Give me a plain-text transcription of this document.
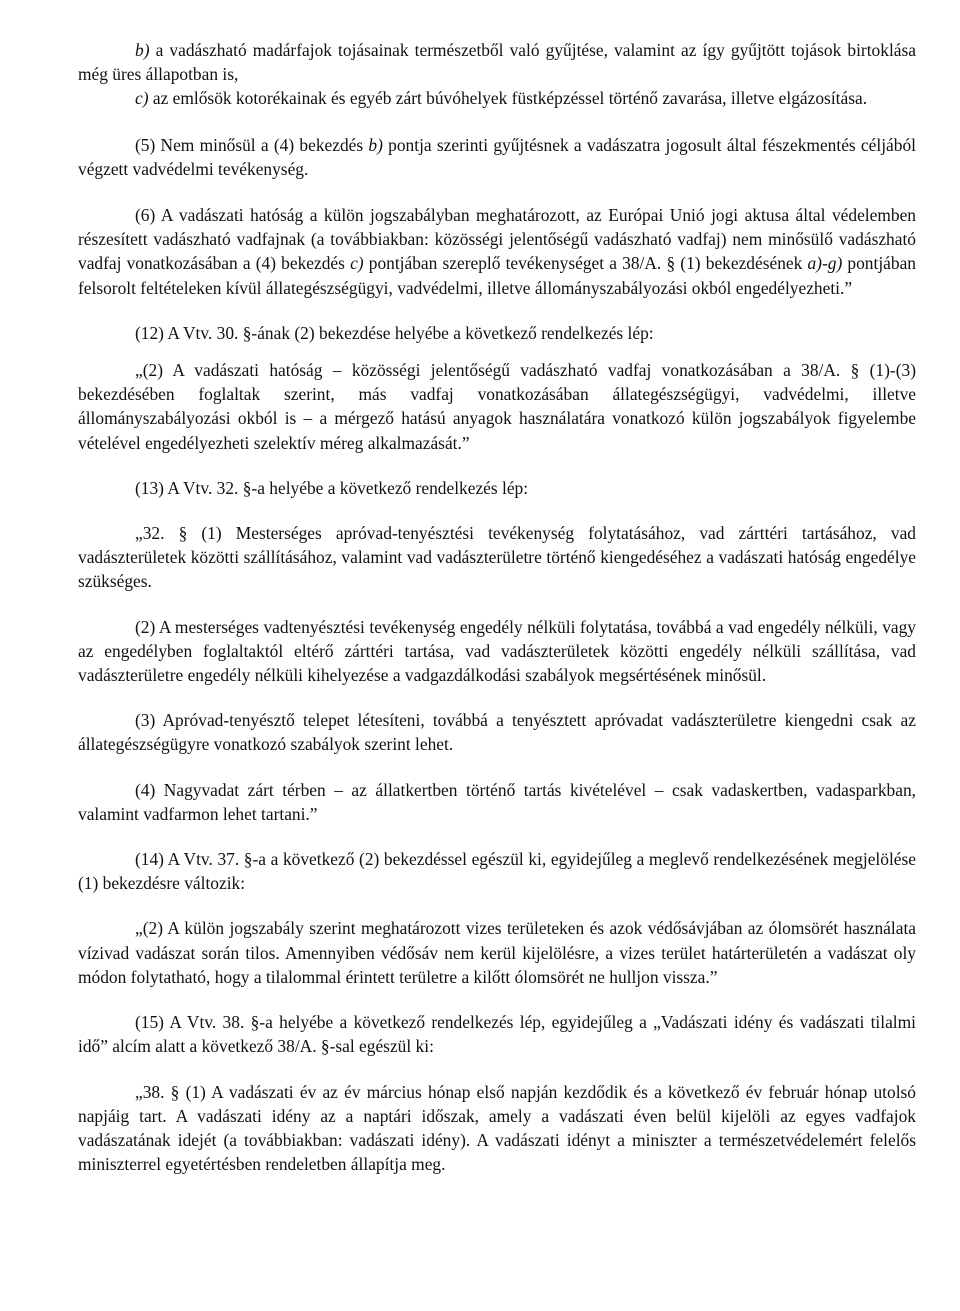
b) a vadászható madárfajok tojásainak természetből való gyűjtése, valamint az így gyűjtött tojások birtoklása még üres állapotban is,

c) az emlősök kotorékainak és egyéb zárt búvóhelyek füstképzéssel történő zavarása, illetve elgázosítása.

(5) Nem minősül a (4) bekezdés b) pontja szerinti gyűjtésnek a vadászatra jogosult által fészekmentés céljából végzett vadvédelmi tevékenység.

(6) A vadászati hatóság a külön jogszabályban meghatározott, az Európai Unió jogi aktusa által védelemben részesített vadászható vadfajnak (a továbbiakban: közösségi jelentőségű vadászható vadfaj) nem minősülő vadászható vadfaj vonatkozásában a (4) bekezdés c) pontjában szereplő tevékenységet a 38/A. § (1) bekezdésének a)-g) pontjában felsorolt feltételeken kívül állategészségügyi, vadvédelmi, illetve állományszabályozási okból engedélyezheti.”

(12) A Vtv. 30. §-ának (2) bekezdése helyébe a következő rendelkezés lép:

„(2) A vadászati hatóság – közösségi jelentőségű vadászható vadfaj vonatkozásában a 38/A. § (1)-(3) bekezdésében foglaltak szerint, más vadfaj vonatkozásában állategészségügyi, vadvédelmi, illetve állományszabályozási okból is – a mérgező hatású anyagok használatára vonatkozó külön jogszabályok figyelembe vételével engedélyezheti szelektív méreg alkalmazását.”

(13) A Vtv. 32. §-a helyébe a következő rendelkezés lép:

„32. § (1) Mesterséges apróvad-tenyésztési tevékenység folytatásához, vad zárttéri tartásához, vad vadászterületek közötti szállításához, valamint vad vadászterületre történő kiengedéséhez a vadászati hatóság engedélye szükséges.

(2) A mesterséges vadtenyésztési tevékenység engedély nélküli folytatása, továbbá a vad engedély nélküli, vagy az engedélyben foglaltaktól eltérő zárttéri tartása, vad vadászterületek közötti engedély nélküli szállítása, vad vadászterületre engedély nélküli kihelyezése a vadgazdálkodási szabályok megsértésének minősül.

(3) Apróvad-tenyésztő telepet létesíteni, továbbá a tenyésztett apróvadat vadászterületre kiengedni csak az állategészségügyre vonatkozó szabályok szerint lehet.

(4) Nagyvadat zárt térben – az állatkertben történő tartás kivételével – csak vadaskertben, vadasparkban, valamint vadfarmon lehet tartani.”

(14) A Vtv. 37. §-a a következő (2) bekezdéssel egészül ki, egyidejűleg a meglevő rendelkezésének megjelölése (1) bekezdésre változik:

„(2) A külön jogszabály szerint meghatározott vizes területeken és azok védősávjában az ólomsörét használata vízivad vadászat során tilos. Amennyiben védősáv nem kerül kijelölésre, a vizes terület határterületén a vadászat oly módon folytatható, hogy a tilalommal érintett területre a kilőtt ólomsörét ne hulljon vissza.”

(15) A Vtv. 38. §-a helyébe a következő rendelkezés lép, egyidejűleg a „Vadászati idény és vadászati tilalmi idő” alcím alatt a következő 38/A. §-sal egészül ki:

„38. § (1) A vadászati év az év március hónap első napján kezdődik és a következő év február hónap utolsó napjáig tart. A vadászati idény az a naptári időszak, amely a vadászati éven belül kijelöli az egyes vadfajok vadászatának idejét (a továbbiakban: vadászati idény). A vadászati idényt a miniszter a természetvédelemért felelős miniszterrel egyetértésben rendeletben állapítja meg.
